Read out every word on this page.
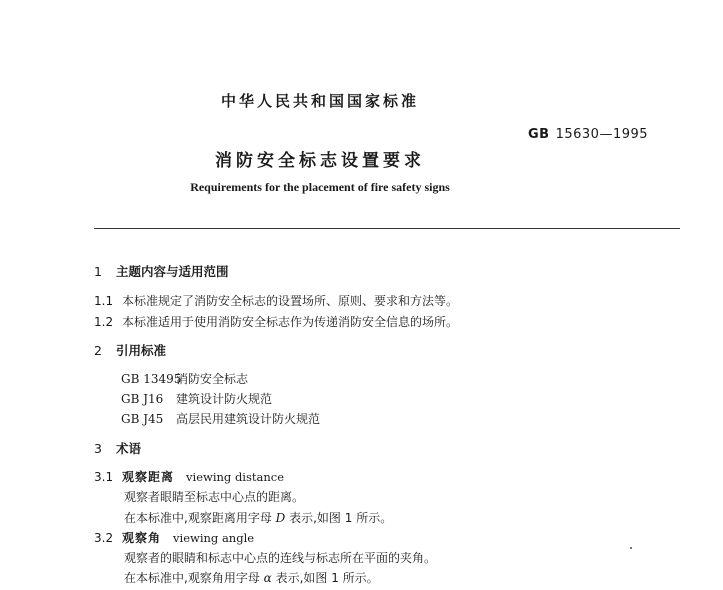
中华人民共和国国家标准
GB 15630—1995
消防安全标志设置要求
Requirements for the placement of fire safety signs
1 主题内容与适用范围
1.1 本标准规定了消防安全标志的设置场所、原则、要求和方法等。
1.2 本标准适用于使用消防安全标志作为传递消防安全信息的场所。
2 引用标准
GB 13495消防安全标志
GB J16 建筑设计防火规范
GB J45 高层民用建筑设计防火规范
3 术语
3.1 观察距离 viewing distance
观察者眼睛至标志中心点的距离。
在本标准中,观察距离用字母 D 表示,如图 1 所示。
3.2 观察角 viewing angle
观察者的眼睛和标志中心点的连线与标志所在平面的夹角。
在本标准中,观察角用字母 α 表示,如图 1 所示。
